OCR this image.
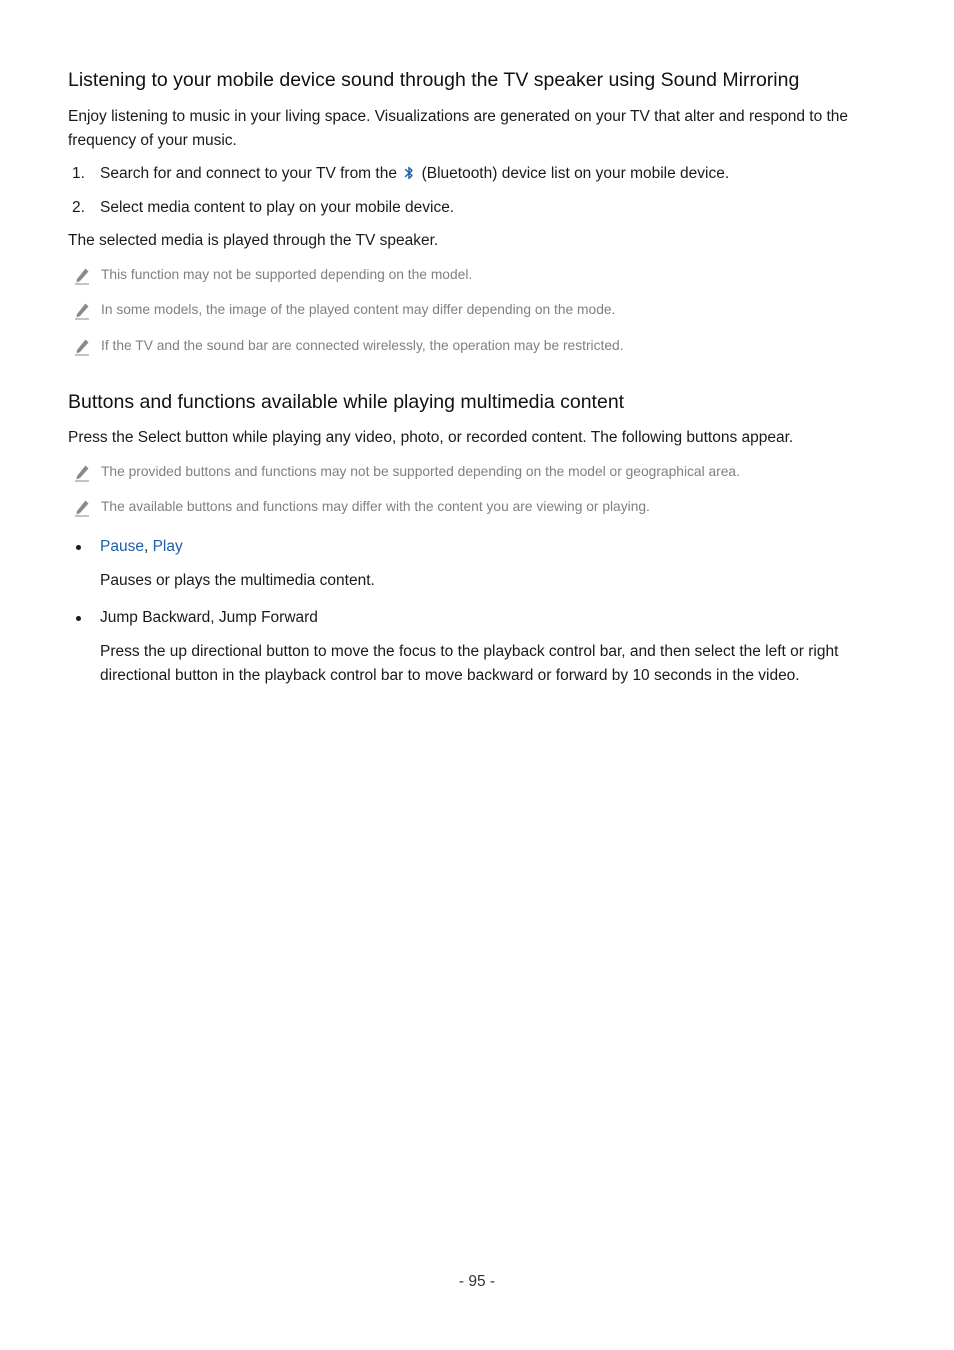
Listening to your mobile device sound through the TV speaker using Sound Mirroring

Enjoy listening to music in your living space. Visualizations are generated on your TV that alter and respond to the frequency of your music.

1. Search for and connect to your TV from the (Bluetooth) device list on your mobile device.
2. Select media content to play on your mobile device.

The selected media is played through the TV speaker.

This function may not be supported depending on the model.
In some models, the image of the played content may differ depending on the mode.
If the TV and the sound bar are connected wirelessly, the operation may be restricted.
Buttons and functions available while playing multimedia content

Press the Select button while playing any video, photo, or recorded content. The following buttons appear.

The provided buttons and functions may not be supported depending on the model or geographical area.
The available buttons and functions may differ with the content you are viewing or playing.
Pause, Play
Pauses or plays the multimedia content.
Jump Backward, Jump Forward
Press the up directional button to move the focus to the playback control bar, and then select the left or right directional button in the playback control bar to move backward or forward by 10 seconds in the video.
- 95 -
